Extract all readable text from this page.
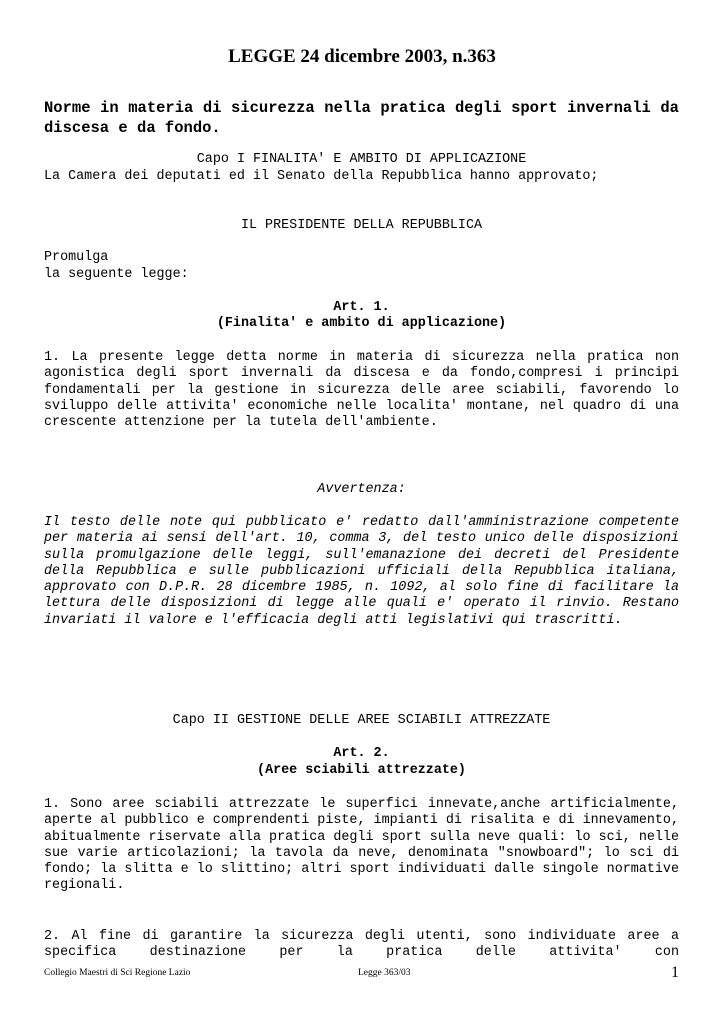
LEGGE 24 dicembre 2003, n.363
Norme in materia di sicurezza nella pratica degli sport invernali da discesa e da fondo.
Capo I FINALITA' E AMBITO DI APPLICAZIONE
La Camera dei deputati ed il Senato della Repubblica hanno approvato;
IL PRESIDENTE DELLA REPUBBLICA
Promulga
la seguente legge:
Art. 1.
(Finalita' e ambito di applicazione)
1. La presente legge detta norme in materia di sicurezza nella pratica non agonistica degli sport invernali da discesa e da fondo,compresi i principi fondamentali per la gestione in sicurezza delle aree sciabili, favorendo lo sviluppo delle attivita' economiche nelle localita' montane, nel quadro di una crescente attenzione per la tutela dell'ambiente.
Avvertenza:
Il testo delle note qui pubblicato e' redatto dall'amministrazione competente per materia ai sensi dell'art. 10, comma 3, del testo unico delle disposizioni sulla promulgazione delle leggi, sull'emanazione dei decreti del Presidente della Repubblica e sulle pubblicazioni ufficiali della Repubblica italiana, approvato con D.P.R. 28 dicembre 1985, n. 1092, al solo fine di facilitare la lettura delle disposizioni di legge alle quali e' operato il rinvio. Restano invariati il valore e l'efficacia degli atti legislativi qui trascritti.
Capo II GESTIONE DELLE AREE SCIABILI ATTREZZATE
Art. 2.
(Aree sciabili attrezzate)
1. Sono aree sciabili attrezzate le superfici innevate,anche artificialmente, aperte al pubblico e comprendenti piste, impianti di risalita e di innevamento, abitualmente riservate alla pratica degli sport sulla neve quali: lo sci, nelle sue varie articolazioni; la tavola da neve, denominata "snowboard"; lo sci di fondo; la slitta e lo slittino; altri sport individuati dalle singole normative regionali.
2. Al fine di garantire la sicurezza degli utenti, sono individuate aree a specifica destinazione per la pratica delle attivita' con
Collegio Maestri di Sci Regione Lazio	Legge 363/03	1
